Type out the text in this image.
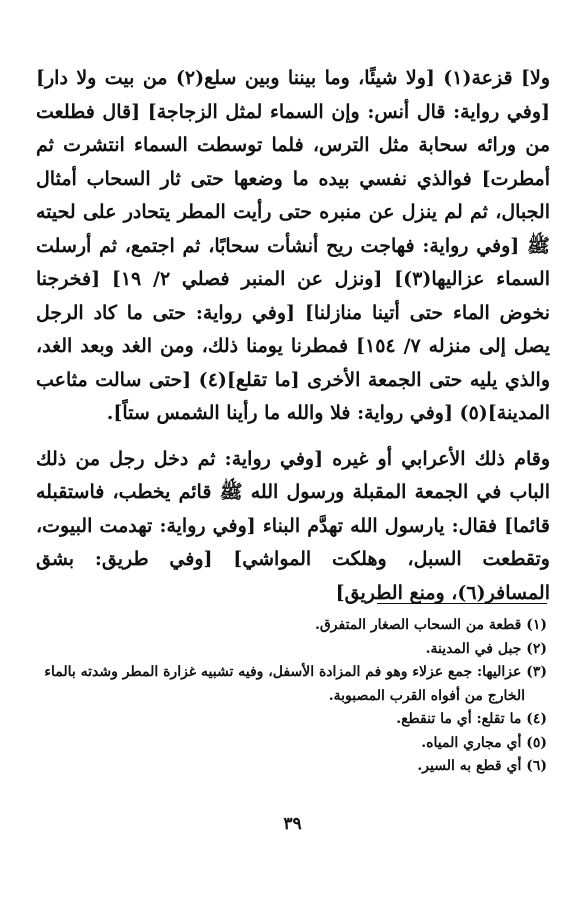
ولا] قزعة(١) [ولا شيئًا، وما بيننا وبين سلع(٢) من بيت ولا دار] [وفي رواية: قال أنس: وإن السماء لمثل الزجاجة] [قال فطلعت من ورائه سحابة مثل الترس، فلما توسطت السماء انتشرت ثم أمطرت] فوالذي نفسي بيده ما وضعها حتى ثار السحاب أمثال الجبال، ثم لم ينزل عن منبره حتى رأيت المطر يتحادر على لحيته ﷺ [وفي رواية: فهاجت ريح أنشأت سحابًا، ثم اجتمع، ثم أرسلت السماء عزاليها(٣)] [ونزل عن المنبر فصلي ٢/ ١٩] [فخرجنا نخوض الماء حتى أتينا منازلنا] [وفي رواية: حتى ما كاد الرجل يصل إلى منزله ٧/ ١٥٤] فمطرنا يومنا ذلك، ومن الغد وبعد الغد، والذي يليه حتى الجمعة الأخرى [ما تقلع](٤) [حتى سالت مثاعب المدينة](٥) [وفي رواية: فلا والله ما رأينا الشمس ستاً].

وقام ذلك الأعرابي أو غيره [وفي رواية: ثم دخل رجل من ذلك الباب في الجمعة المقبلة ورسول الله ﷺ قائم يخطب، فاستقبله قائما] فقال: يارسول الله تهدَّم البناء [وفي رواية: تهدمت البيوت، وتقطعت السبل، وهلكت المواشي] [وفي طريق: بشق المسافر(٦)، ومنع الطريق]

(١) قطعة من السحاب الصغار المتفرق.
(٢) جبل في المدينة.
(٣) عزاليها: جمع عزلاء وهو فم المزادة الأسفل، وفيه تشبيه غزارة المطر وشدته بالماء
الخارج من أفواه القرب المصبوبة.
(٤) ما تقلع: أي ما تنقطع.
(٥) أي مجاري المياه.
(٦) أي قطع به السير.
٣٩
